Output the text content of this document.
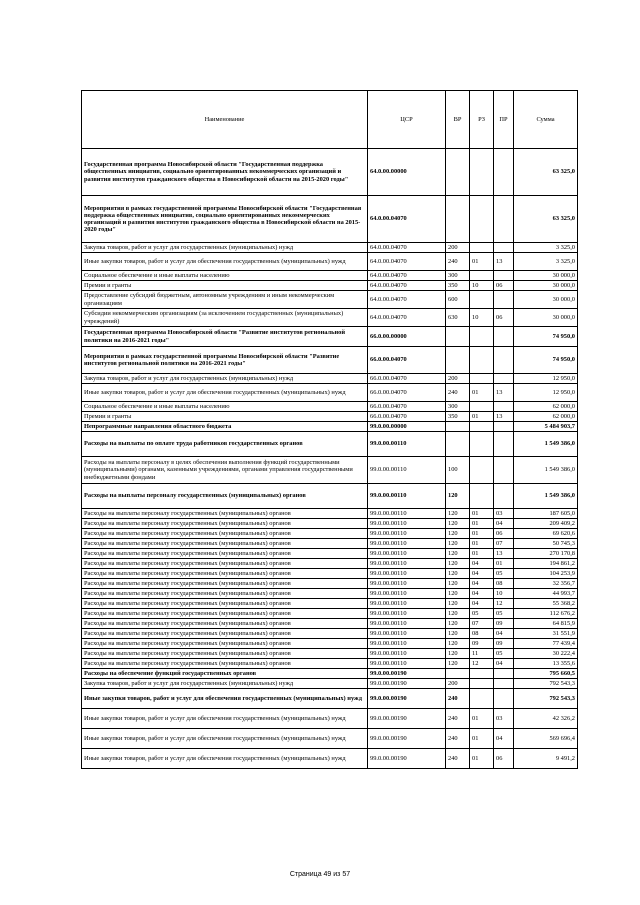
Наименование	ЦСР	ВР	РЗ	ПР	Сумма
Государственная программа Новосибирской области "Государственная поддержка общественных инициатив, социально ориентированных некоммерческих организаций и развития институтов гражданского общества в Новосибирской области на 2015-2020 годы"	64.0.00.00000				63 325,0
Мероприятия в рамках государственной программы Новосибирской области "Государственная поддержка общественных инициатив, социально ориентированных некоммерческих организаций и развития институтов гражданского общества в Новосибирской области на 2015-2020 годы"	64.0.00.04070				63 325,0
Закупка товаров, работ и услуг для государственных (муниципальных) нужд	64.0.00.04070	200			3 325,0
Иные закупки товаров, работ и услуг для обеспечения государственных (муниципальных) нужд	64.0.00.04070	240	01	13	3 325,0
Социальное обеспечение и иные выплаты населению	64.0.00.04070	300			30 000,0
Премии и гранты	64.0.00.04070	350	10	06	30 000,0
Предоставление субсидий бюджетным, автономным учреждениям и иным некоммерческим организациям	64.0.00.04070	600			30 000,0
Субсидии некоммерческим организациям (за исключением государственных (муниципальных) учреждений)	64.0.00.04070	630	10	06	30 000,0
Государственная программа Новосибирской области "Развитие институтов региональной политики на 2016-2021 годы"	66.0.00.00000				74 950,0
Мероприятия в рамках государственной программы Новосибирской области "Развитие институтов региональной политики на 2016-2021 годы"	66.0.00.04070				74 950,0
Закупка товаров, работ и услуг для государственных (муниципальных) нужд	66.0.00.04070	200			12 950,0
Иные закупки товаров, работ и услуг для обеспечения государственных (муниципальных) нужд	66.0.00.04070	240	01	13	12 950,0
Социальное обеспечение и иные выплаты населению	66.0.00.04070	300			62 000,0
Премии и гранты	66.0.00.04070	350	01	13	62 000,0
Непрограммные направления областного бюджета	99.0.00.00000				5 484 903,7
Расходы на выплаты по оплате труда работников государственных органов	99.0.00.00110				1 549 386,0
Расходы на выплаты персоналу в целях обеспечения выполнения функций государственными (муниципальными) органами, казенными учреждениями, органами управления государственными внебюджетными фондами	99.0.00.00110	100			1 549 386,0
Расходы на выплаты персоналу государственных (муниципальных) органов	99.0.00.00110	120			1 549 386,0
Расходы на выплаты персоналу государственных (муниципальных) органов	99.0.00.00110	120	01	03	187 605,0
Расходы на выплаты персоналу государственных (муниципальных) органов	99.0.00.00110	120	01	04	209 409,2
Расходы на выплаты персоналу государственных (муниципальных) органов	99.0.00.00110	120	01	06	69 620,6
Расходы на выплаты персоналу государственных (муниципальных) органов	99.0.00.00110	120	01	07	50 745,3
Расходы на выплаты персоналу государственных (муниципальных) органов	99.0.00.00110	120	01	13	270 170,8
Расходы на выплаты персоналу государственных (муниципальных) органов	99.0.00.00110	120	04	01	194 861,2
Расходы на выплаты персоналу государственных (муниципальных) органов	99.0.00.00110	120	04	05	104 253,9
Расходы на выплаты персоналу государственных (муниципальных) органов	99.0.00.00110	120	04	08	32 356,7
Расходы на выплаты персоналу государственных (муниципальных) органов	99.0.00.00110	120	04	10	44 993,7
Расходы на выплаты персоналу государственных (муниципальных) органов	99.0.00.00110	120	04	12	55 368,2
Расходы на выплаты персоналу государственных (муниципальных) органов	99.0.00.00110	120	05	05	112 676,2
Расходы на выплаты персоналу государственных (муниципальных) органов	99.0.00.00110	120	07	09	64 815,9
Расходы на выплаты персоналу государственных (муниципальных) органов	99.0.00.00110	120	08	04	31 551,9
Расходы на выплаты персоналу государственных (муниципальных) органов	99.0.00.00110	120	09	09	77 439,4
Расходы на выплаты персоналу государственных (муниципальных) органов	99.0.00.00110	120	11	05	30 222,4
Расходы на выплаты персоналу государственных (муниципальных) органов	99.0.00.00110	120	12	04	13 355,6
Расходы на обеспечение функций государственных органов	99.0.00.00190				795 660,5
Закупка товаров, работ и услуг для государственных (муниципальных) нужд	99.0.00.00190	200			792 543,3
Иные закупки товаров, работ и услуг для обеспечения государственных (муниципальных) нужд	99.0.00.00190	240			792 543,3
Иные закупки товаров, работ и услуг для обеспечения государственных (муниципальных) нужд	99.0.00.00190	240	01	03	42 326,2
Иные закупки товаров, работ и услуг для обеспечения государственных (муниципальных) нужд	99.0.00.00190	240	01	04	569 696,4
Иные закупки товаров, работ и услуг для обеспечения государственных (муниципальных) нужд	99.0.00.00190	240	01	06	9 491,2
Страница 49 из 57
